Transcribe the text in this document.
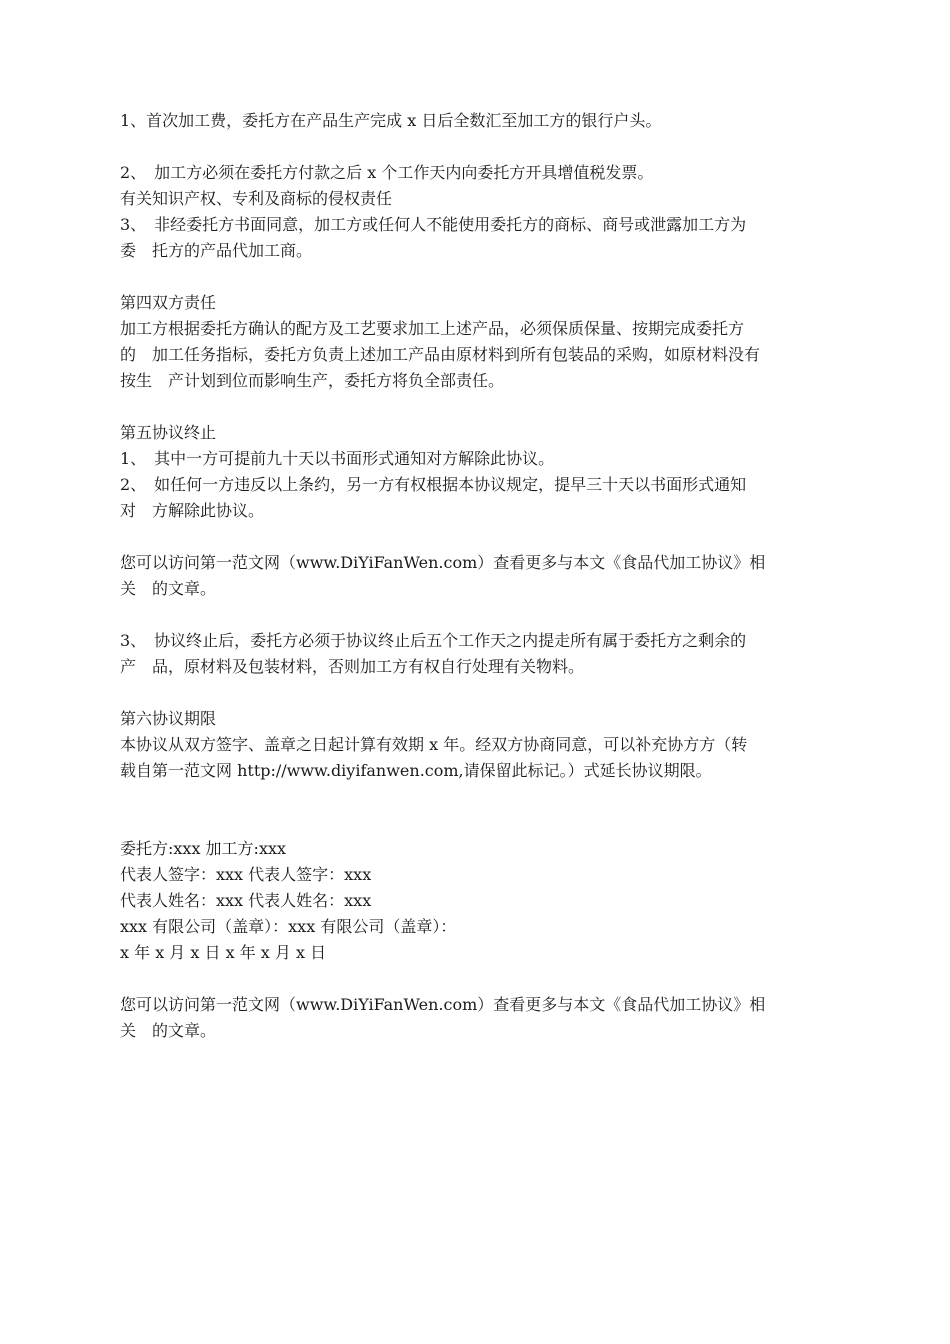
1、首次加工费，委托方在产品生产完成 x 日后全数汇至加工方的银行户头。
2、　加工方必须在委托方付款之后 x 个工作天内向委托方开具增值税发票。
有关知识产权、专利及商标的侵权责任
3、　非经委托方书面同意，加工方或任何人不能使用委托方的商标、商号或泄露加工方为
委　托方的产品代加工商。
第四双方责任
加工方根据委托方确认的配方及工艺要求加工上述产品，必须保质保量、按期完成委托方
的　加工任务指标，委托方负责上述加工产品由原材料到所有包装品的采购，如原材料没有
按生　产计划到位而影响生产，委托方将负全部责任。
第五协议终止
1、　其中一方可提前九十天以书面形式通知对方解除此协议。
2、　如任何一方违反以上条约，另一方有权根据本协议规定，提早三十天以书面形式通知
对　方解除此协议。
您可以访问第一范文网（www.DiYiFanWen.com）查看更多与本文《食品代加工协议》相
关　的文章。
3、　协议终止后，委托方必须于协议终止后五个工作天之内提走所有属于委托方之剩余的
产　品，原材料及包装材料，否则加工方有权自行处理有关物料。
第六协议期限
本协议从双方签字、盖章之日起计算有效期 x 年。经双方协商同意，可以补充协方方（转
载自第一范文网 http://www.diyifanwen.com,请保留此标记。）式延长协议期限。
委托方:xxx 加工方:xxx
代表人签字：xxx 代表人签字：xxx
代表人姓名：xxx 代表人姓名：xxx
xxx 有限公司（盖章）：xxx 有限公司（盖章）：
x 年 x 月 x 日 x 年 x 月 x 日
您可以访问第一范文网（www.DiYiFanWen.com）查看更多与本文《食品代加工协议》相
关　的文章。
